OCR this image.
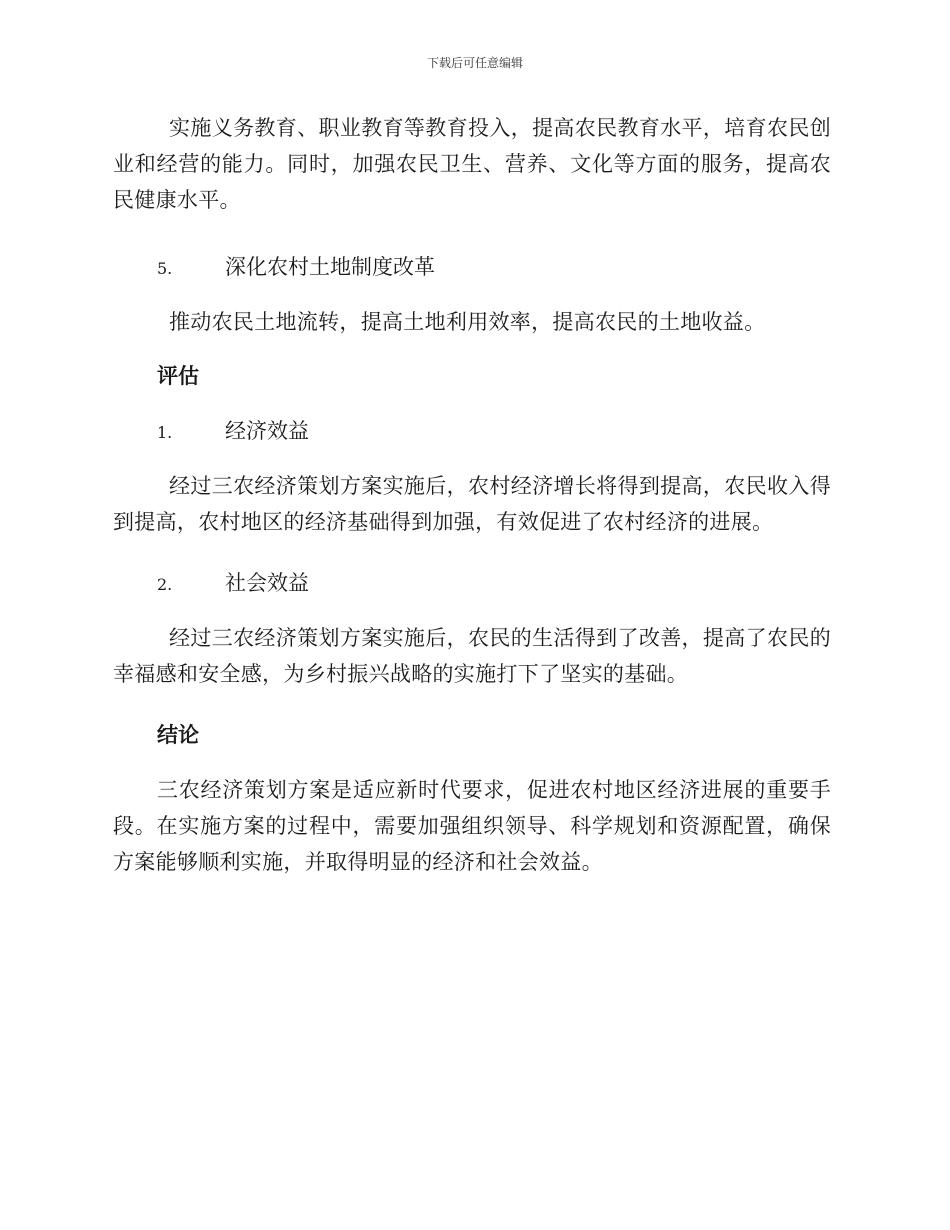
下载后可任意编辑

实施义务教育、职业教育等教育投入，提高农民教育水平，培育农民创业和经营的能力。同时，加强农民卫生、营养、文化等方面的服务，提高农民健康水平。

5.	深化农村土地制度改革

推动农民土地流转，提高土地利用效率，提高农民的土地收益。

评估
1.	经济效益

经过三农经济策划方案实施后，农村经济增长将得到提高，农民收入得到提高，农村地区的经济基础得到加强，有效促进了农村经济的进展。

2.	社会效益

经过三农经济策划方案实施后，农民的生活得到了改善，提高了农民的幸福感和安全感，为乡村振兴战略的实施打下了坚实的基础。

结论

三农经济策划方案是适应新时代要求，促进农村地区经济进展的重要手段。在实施方案的过程中，需要加强组织领导、科学规划和资源配置，确保方案能够顺利实施，并取得明显的经济和社会效益。
